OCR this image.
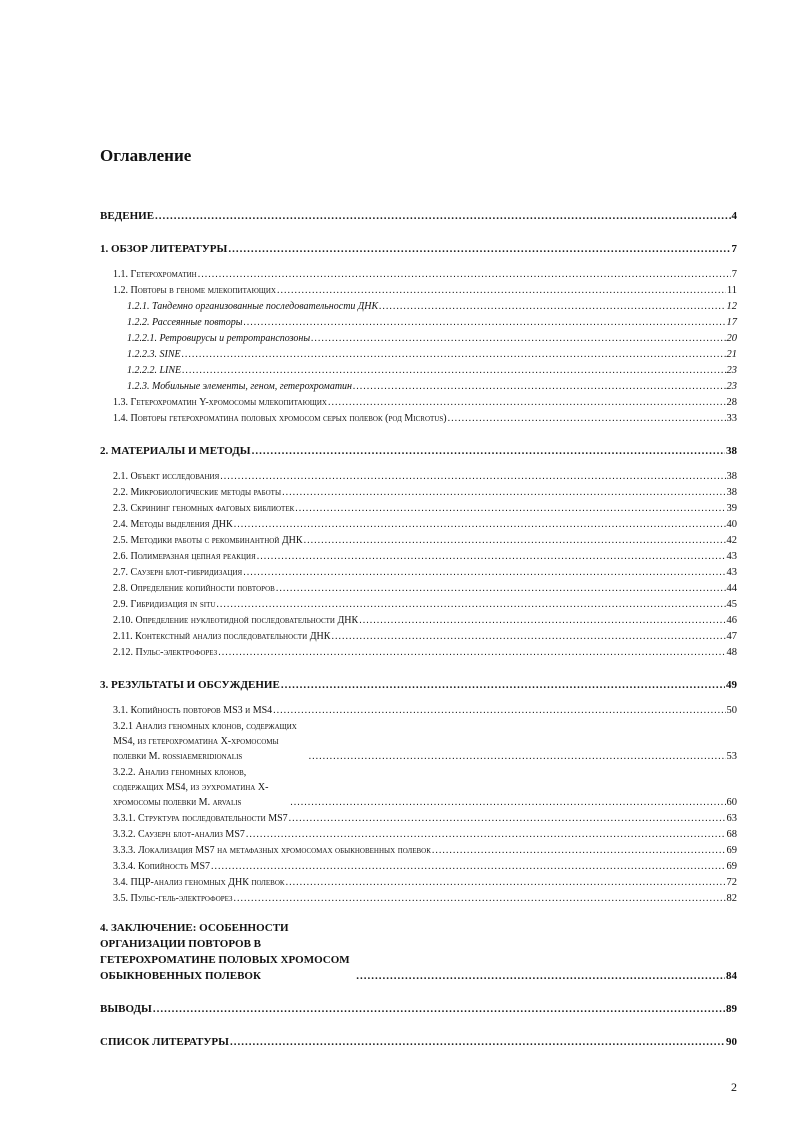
Оглавление
ВЕДЕНИЕ .....	4
1. ОБЗОР ЛИТЕРАТУРЫ .....	7
1.1. Гетерохроматин .....	7
1.2. Повторы в геноме млекопитающих .....	11
1.2.1. Тандемно организованные последовательности ДНК .....	12
1.2.2. Рассеянные повторы .....	17
1.2.2.1. Ретровирусы и ретротранспозоны .....	20
1.2.2.3. SINE .....	21
1.2.2.2. LINE .....	23
1.2.3. Мобильные элементы, геном, гетерохроматин .....	23
1.3. Гетерохроматин Y-хромосомы млекопитающих .....	28
1.4. Повторы гетерохроматина половых хромосом серых полевок (род Microtus) .....	33
2. МАТЕРИАЛЫ И МЕТОДЫ .....	38
2.1. Объект исследования .....	38
2.2. Микробиологические методы работы .....	38
2.3. Скрининг геномных фаговых библиотек .....	39
2.4. Методы выделения ДНК .....	40
2.5. Методики работы с рекомбинантной ДНК .....	42
2.6. Полимеразная цепная реакция .....	43
2.7. Саузерн блот-гибридизация .....	43
2.8. Определение копийности повторов .....	44
2.9. Гибридизация in situ .....	45
2.10. Определение нуклеотидной последовательности ДНК .....	46
2.11. Контекстный анализ последовательности ДНК .....	47
2.12. Пульс-электрофорез .....	48
3. РЕЗУЛЬТАТЫ И ОБСУЖДЕНИЕ .....	49
3.1. Копийность повторов MS3 и MS4 .....	50
3.2.1 Анализ геномных клонов, содержащих MS4, из гетерохроматина X-хромосомы полевки M. rossiaemeridionalis .....	53
3.2.2. Анализ геномных клонов, содержащих MS4, из эухроматина X-хромосомы полевки M. arvalis .....	60
3.3.1. Структура последовательности MS7 .....	63
3.3.2. Саузерн блот-анализ MS7 .....	68
3.3.3. Локализация MS7 на метафазных хромосомах обыкновенных полевок .....	69
3.3.4. Копийность MS7 .....	69
3.4. ПЦР-анализ геномных ДНК полевок .....	72
3.5. Пульс-гель-электрофорез .....	82
4. ЗАКЛЮЧЕНИЕ: ОСОБЕННОСТИ ОРГАНИЗАЦИИ ПОВТОРОВ В ГЕТЕРОХРОМАТИНЕ ПОЛОВЫХ ХРОМОСОМ ОБЫКНОВЕННЫХ ПОЛЕВОК .....	84
ВЫВОДЫ .....	89
СПИСОК ЛИТЕРАТУРЫ .....	90
2
